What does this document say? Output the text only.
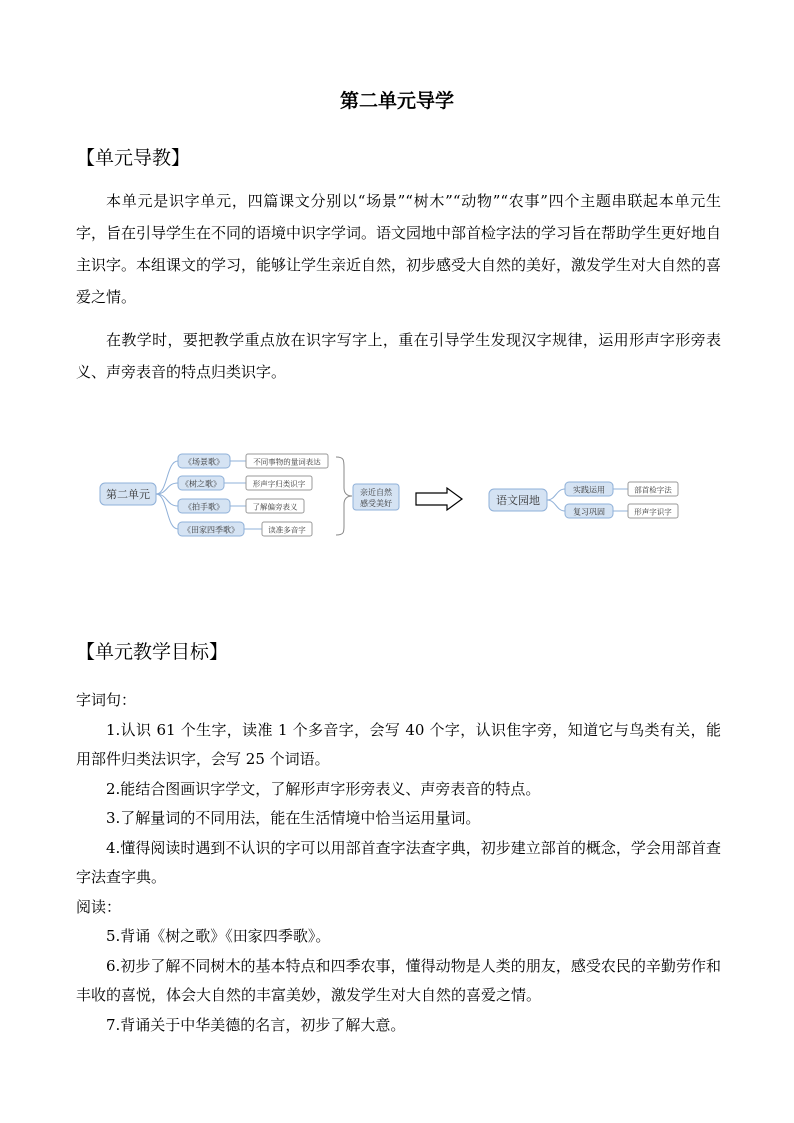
第二单元导学
【单元导教】

本单元是识字单元，四篇课文分别以“场景”“树木”“动物”“农事”四个主题串联起本单元生字，旨在引导学生在不同的语境中识字学词。语文园地中部首检字法的学习旨在帮助学生更好地自主识字。本组课文的学习，能够让学生亲近自然，初步感受大自然的美好，激发学生对大自然的喜爱之情。

在教学时，要把教学重点放在识字写字上，重在引导学生发现汉字规律，运用形声字形旁表义、声旁表音的特点归类识字。

第二单元
《场景歌》
《树之歌》
《拍手歌》
《田家四季歌》
不同事物的量词表达
形声字归类识字
了解偏旁表义
读准多音字
亲近自然
感受美好	语文园地
实践运用
复习巩固
部首检字法
形声字识字
【单元教学目标】
字词句：
1.认识 61 个生字，读准 1 个多音字，会写 40 个字，认识隹字旁，知道它与鸟类有关，能用部件归类法识字，会写 25 个词语。
2.能结合图画识字学文，了解形声字形旁表义、声旁表音的特点。
3.了解量词的不同用法，能在生活情境中恰当运用量词。
4.懂得阅读时遇到不认识的字可以用部首查字法查字典，初步建立部首的概念，学会用部首查字法查字典。
阅读：
5.背诵《树之歌》《田家四季歌》。
6.初步了解不同树木的基本特点和四季农事，懂得动物是人类的朋友，感受农民的辛勤劳作和丰收的喜悦，体会大自然的丰富美妙，激发学生对大自然的喜爱之情。
7.背诵关于中华美德的名言，初步了解大意。
